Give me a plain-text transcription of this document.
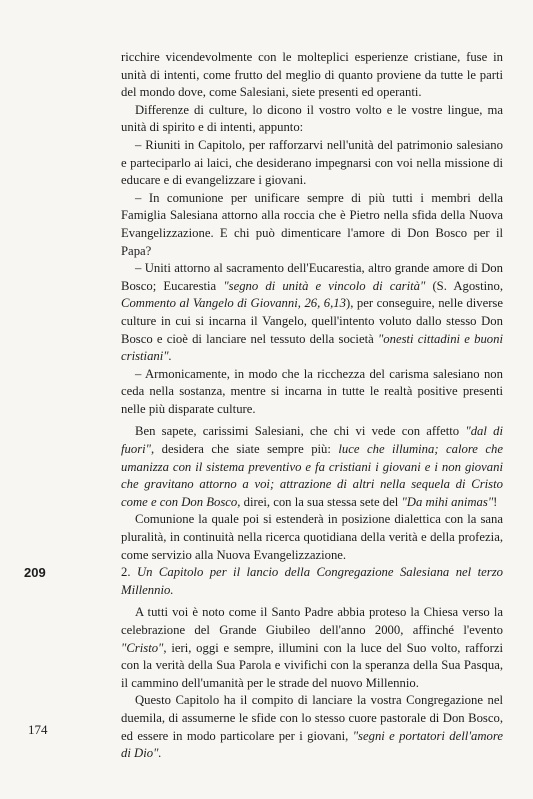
ricchire vicendevolmente con le molteplici esperienze cristiane, fuse in unità di intenti, come frutto del meglio di quanto proviene da tutte le parti del mondo dove, come Salesiani, siete presenti ed operanti.

Differenze di culture, lo dicono il vostro volto e le vostre lingue, ma unità di spirito e di intenti, appunto:

– Riuniti in Capitolo, per rafforzarvi nell'unità del patrimonio salesiano e parteciparlo ai laici, che desiderano impegnarsi con voi nella missione di educare e di evangelizzare i giovani.

– In comunione per unificare sempre di più tutti i membri della Famiglia Salesiana attorno alla roccia che è Pietro nella sfida della Nuova Evangelizzazione. E chi può dimenticare l'amore di Don Bosco per il Papa?

– Uniti attorno al sacramento dell'Eucarestia, altro grande amore di Don Bosco; Eucarestia "segno di unità e vincolo di carità" (S. Agostino, Commento al Vangelo di Giovanni, 26, 6,13), per conseguire, nelle diverse culture in cui si incarna il Vangelo, quell'intento voluto dallo stesso Don Bosco e cioè di lanciare nel tessuto della società "onesti cittadini e buoni cristiani".

– Armonicamente, in modo che la ricchezza del carisma salesiano non ceda nella sostanza, mentre si incarna in tutte le realtà positive presenti nelle più disparate culture.

Ben sapete, carissimi Salesiani, che chi vi vede con affetto "dal di fuori", desidera che siate sempre più: luce che illumina; calore che umanizza con il sistema preventivo e fa cristiani i giovani e i non giovani che gravitano attorno a voi; attrazione di altri nella sequela di Cristo come e con Don Bosco, direi, con la sua stessa sete del "Da mihi animas"!

Comunione la quale poi si estenderà in posizione dialettica con la sana pluralità, in continuità nella ricerca quotidiana della verità e della profezia, come servizio alla Nuova Evangelizzazione.

209	2. Un Capitolo per il lancio della Congregazione Salesiana nel terzo Millennio.

A tutti voi è noto come il Santo Padre abbia proteso la Chiesa verso la celebrazione del Grande Giubileo dell'anno 2000, affinché l'evento "Cristo", ieri, oggi e sempre, illumini con la luce del Suo volto, rafforzi con la verità della Sua Parola e vivifichi con la speranza della Sua Pasqua, il cammino dell'umanità per le strade del nuovo Millennio.

Questo Capitolo ha il compito di lanciare la vostra Congregazione nel duemila, di assumerne le sfide con lo stesso cuore pastorale di Don Bosco, ed essere in modo particolare per i giovani, "segni e portatori dell'amore di Dio".

174
